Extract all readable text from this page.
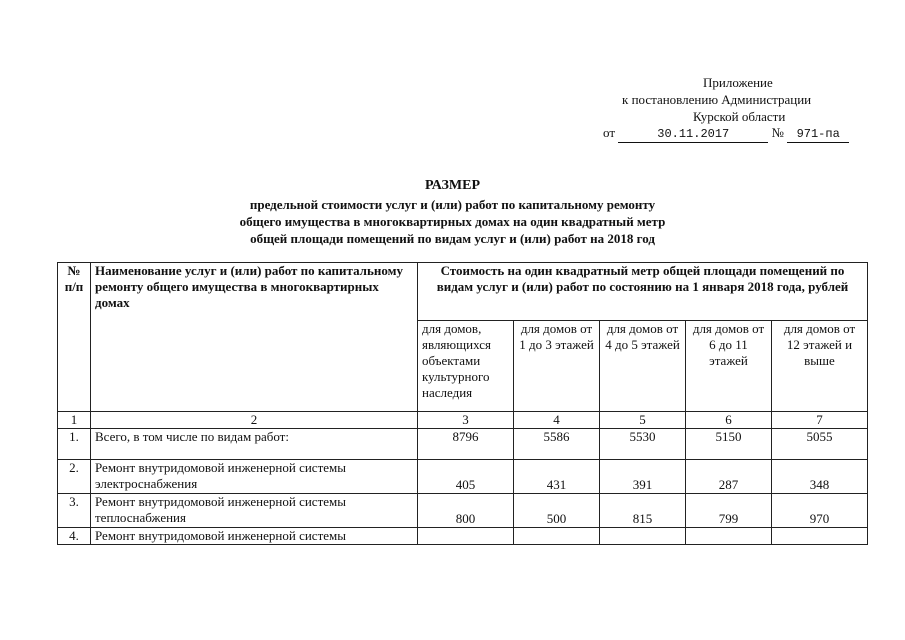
Приложение
к постановлению Администрации
Курской области
от	30.11.2017	№ 971-па
РАЗМЕР
предельной стоимости услуг и (или) работ по капитальному ремонту
общего имущества в многоквартирных домах на один квадратный метр
общей площади помещений по видам услуг и (или) работ на 2018 год
№ п/п	Наименование услуг и (или) работ по капитальному ремонту общего имущества в многоквартирных домах	Стоимость на один квадратный метр общей площади помещений по видам услуг и (или) работ по состоянию на 1 января 2018 года, рублей				
		для домов, являющихся объектами культурного наследия	для домов от 1 до 3 этажей	для домов от 4 до 5 этажей	для домов от 6 до 11 этажей	для домов от 12 этажей и выше
1	2	3	4	5	6	7
1.	Всего, в том числе по видам работ:	8796	5586	5530	5150	5055
2.	Ремонт внутридомовой инженерной системы электроснабжения	405	431	391	287	348
3.	Ремонт внутридомовой инженерной системы теплоснабжения	800	500	815	799	970
4.	Ремонт внутридомовой инженерной системы					
